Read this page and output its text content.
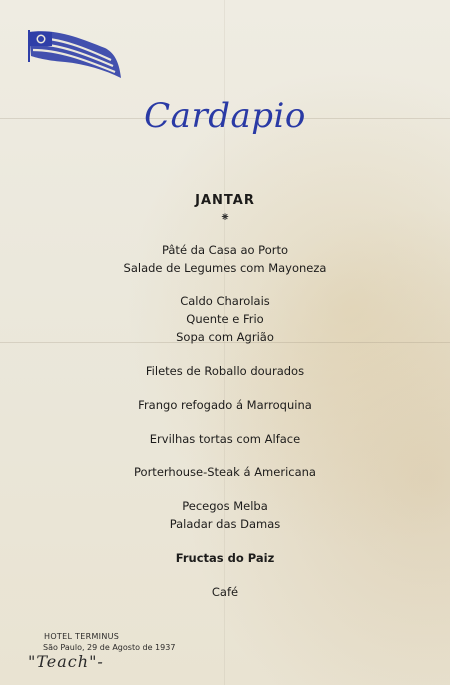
Cardapio
JANTAR
⁕
Pâté da Casa ao Porto
Salade de Legumes com Mayoneza
Caldo Charolais
Quente e Frio
Sopa com Agrião
Filetes de Roballo dourados
Frango refogado á Marroquina
Ervilhas tortas com Alface
Porterhouse-Steak á Americana
Pecegos Melba
Paladar das Damas
Fructas do Paiz
Café
HOTEL TERMINUS
São Paulo, 29 de Agosto de 1937
"Teach"-
